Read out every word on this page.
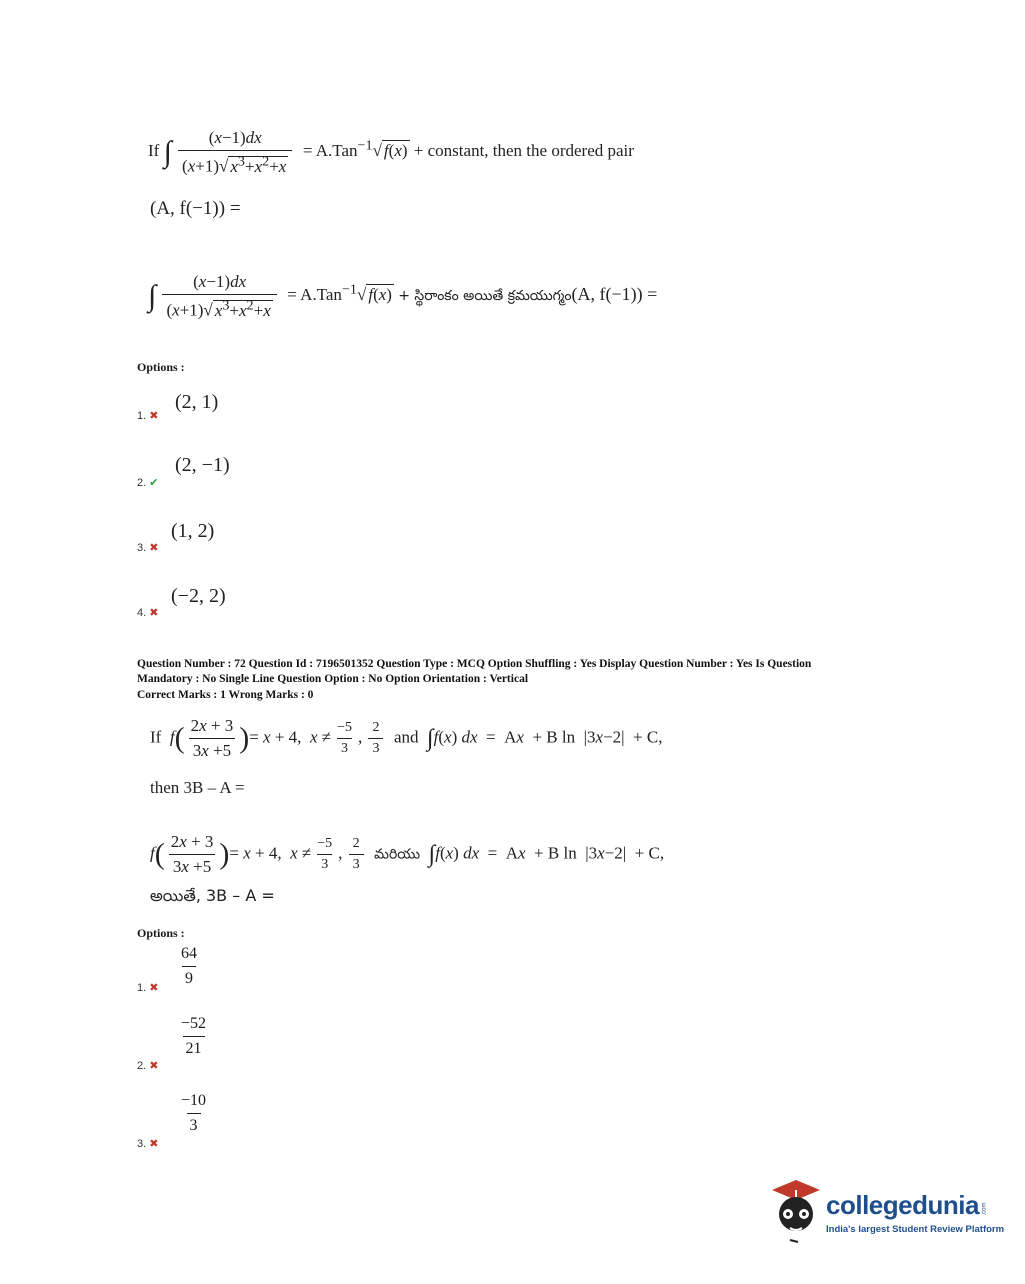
If ∫ $\frac{(x-1)dx}{(x+1)√ x^3+x^2+x} = A.Tan^{-1}√$ f(x) + constant, then the ordered pair
(A, f(−1)) =
∫ $\frac{(x-1)dx}{(x+1)√ x^3+x^2+x} = A.Tan^{-1}√$ f(x) + స్థిరాంకం అయితే క్రమయుగ్మం(A, f(−1)) =
Options :
1. ✖
(2, 1)
2. ✔
(2, −1)
3. ✖
(1, 2)
4. ✖
(−2, 2)
Question Number : 72 Question Id : 7196501352 Question Type : MCQ Option Shuffling : Yes Display Question Number : Yes Is Question
Mandatory : No Single Line Question Option : No Option Orientation : Vertical
Correct Marks : 1 Wrong Marks : 0
If  $f( \frac{2x + 3}{3x +5}$ )= x + 4,  $x \ne \frac{-5}{3}$ , $\frac{2}{3}$ and ∫f(x) dx  =  Ax  + B ln  |3x−2|  + C,
then 3B – A =
$f( \frac{2x + 3}{3x +5}$ )= x + 4,  $x \ne \frac{-5}{3}$ , $\frac{2}{3}$ మరియు ∫f(x) dx  =  Ax  + B ln  |3x−2|  + C,
అయితే, 3B – A =
Options :
1. ✖ $\frac{64}{9}$
2. ✖
$\frac{-52}{21}$
3. ✖
$\frac{-10}{3}$
collegedunia .com
India's largest Student Review Platform
